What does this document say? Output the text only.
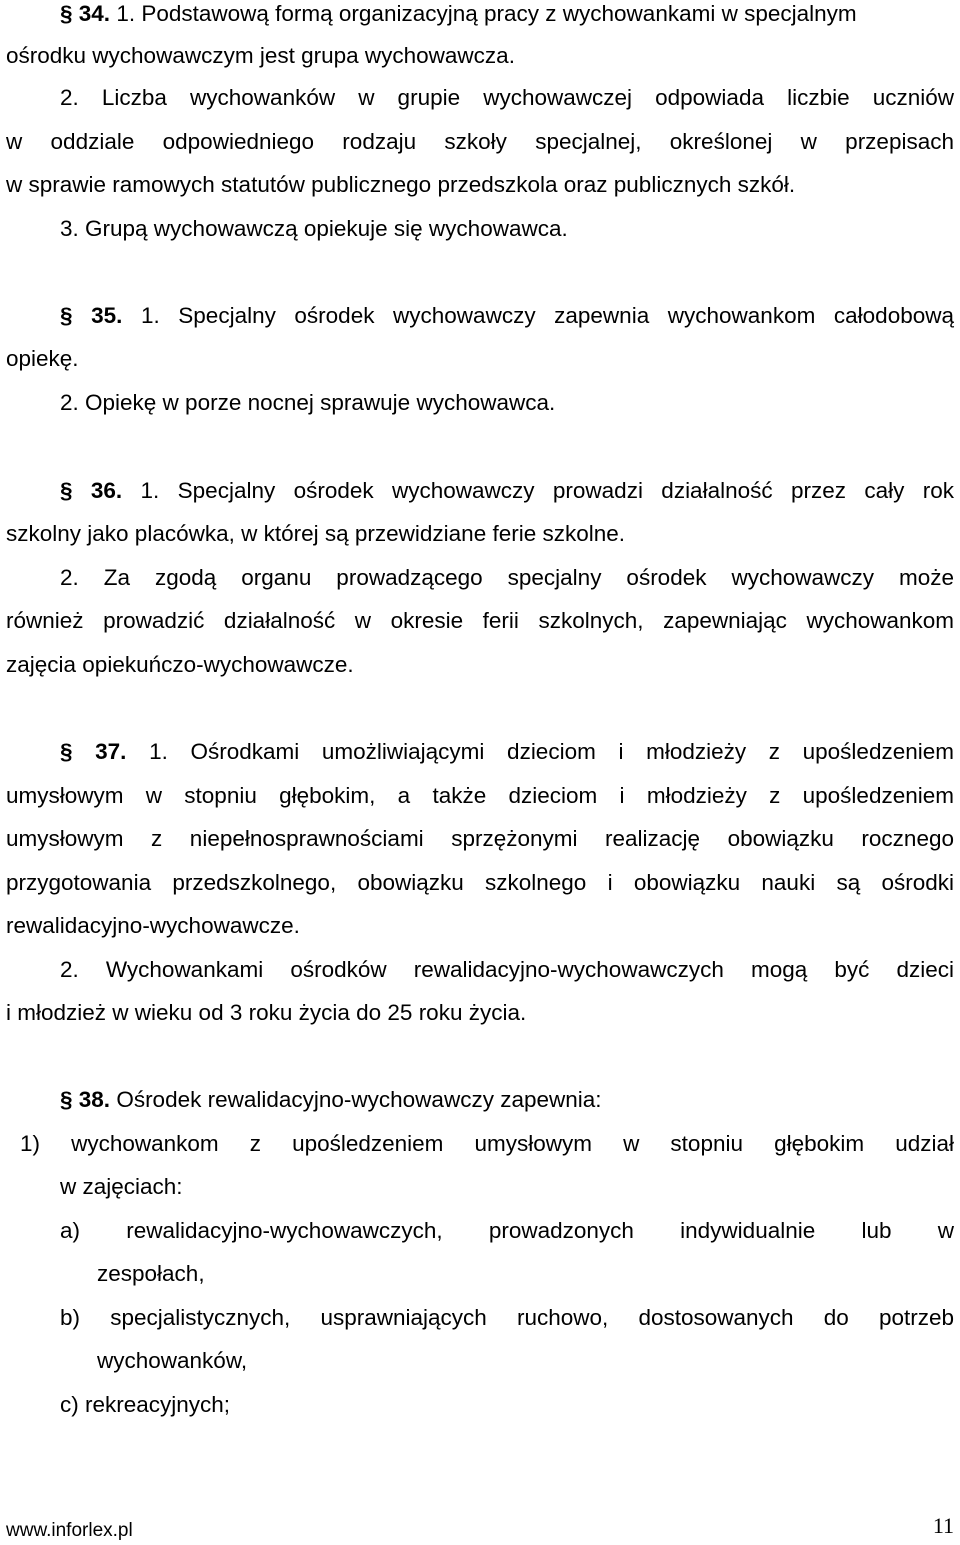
§ 34. 1. Podstawową formą organizacyjną pracy z wychowankami w specjalnym
ośrodku wychowawczym jest grupa wychowawcza.
2. Liczba wychowanków w grupie wychowawczej odpowiada liczbie uczniów
w oddziale odpowiedniego rodzaju szkoły specjalnej, określonej w przepisach
w sprawie ramowych statutów publicznego przedszkola oraz publicznych szkół.
3. Grupą wychowawczą opiekuje się wychowawca.
§ 35. 1. Specjalny ośrodek wychowawczy zapewnia wychowankom całodobową
opiekę.
2. Opiekę w porze nocnej sprawuje wychowawca.
§ 36. 1. Specjalny ośrodek wychowawczy prowadzi działalność przez cały rok
szkolny jako placówka, w której są przewidziane ferie szkolne.
2. Za zgodą organu prowadzącego specjalny ośrodek wychowawczy może
również prowadzić działalność w okresie ferii szkolnych, zapewniając wychowankom
zajęcia opiekuńczo-wychowawcze.
§ 37. 1. Ośrodkami umożliwiającymi dzieciom i młodzieży z upośledzeniem
umysłowym w stopniu głębokim, a także dzieciom i młodzieży z upośledzeniem
umysłowym z niepełnosprawnościami sprzężonymi realizację obowiązku rocznego
przygotowania przedszkolnego, obowiązku szkolnego i obowiązku nauki są ośrodki
rewalidacyjno-wychowawcze.
2. Wychowankami ośrodków rewalidacyjno-wychowawczych mogą być dzieci
i młodzież w wieku od 3 roku życia do 25 roku życia.
§ 38. Ośrodek rewalidacyjno-wychowawczy zapewnia:
1) wychowankom z upośledzeniem umysłowym w stopniu głębokim udział
w zajęciach:
a) rewalidacyjno-wychowawczych, prowadzonych indywidualnie lub w
zespołach,
b) specjalistycznych, usprawniających ruchowo, dostosowanych do potrzeb
wychowanków,
c) rekreacyjnych;
www.inforlex.pl	11
